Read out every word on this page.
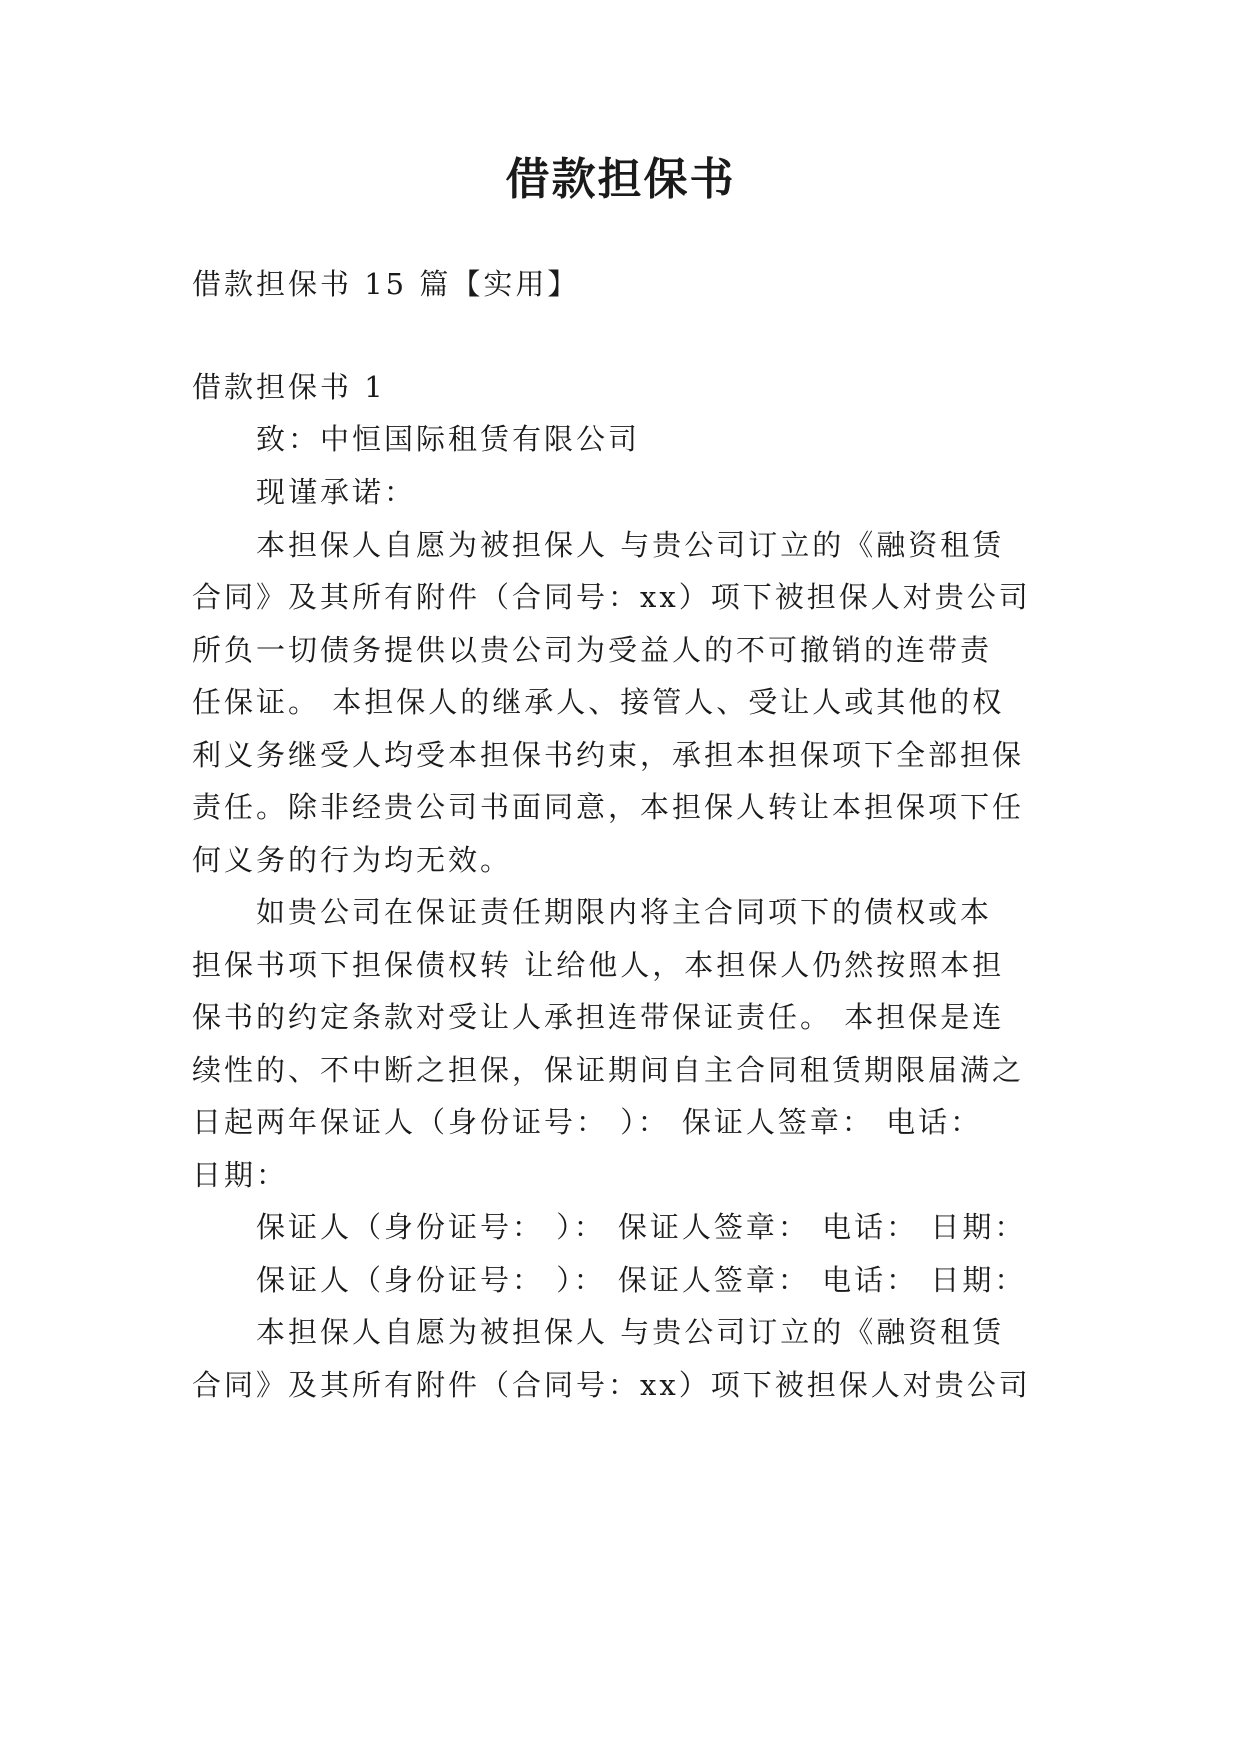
借款担保书
借款担保书 15 篇【实用】
借款担保书 1
致：中恒国际租赁有限公司
现谨承诺：
本担保人自愿为被担保人 与贵公司订立的《融资租赁
合同》及其所有附件（合同号：xx）项下被担保人对贵公司
所负一切债务提供以贵公司为受益人的不可撤销的连带责
任保证。 本担保人的继承人、接管人、受让人或其他的权
利义务继受人均受本担保书约束，承担本担保项下全部担保
责任。除非经贵公司书面同意，本担保人转让本担保项下任
何义务的行为均无效。
如贵公司在保证责任期限内将主合同项下的债权或本
担保书项下担保债权转 让给他人，本担保人仍然按照本担
保书的约定条款对受让人承担连带保证责任。 本担保是连
续性的、不中断之担保，保证期间自主合同租赁期限届满之
日起两年保证人（身份证号： ）： 保证人签章： 电话：
日期：
保证人（身份证号： ）： 保证人签章： 电话： 日期：
保证人（身份证号： ）： 保证人签章： 电话： 日期：
本担保人自愿为被担保人 与贵公司订立的《融资租赁
合同》及其所有附件（合同号：xx）项下被担保人对贵公司
